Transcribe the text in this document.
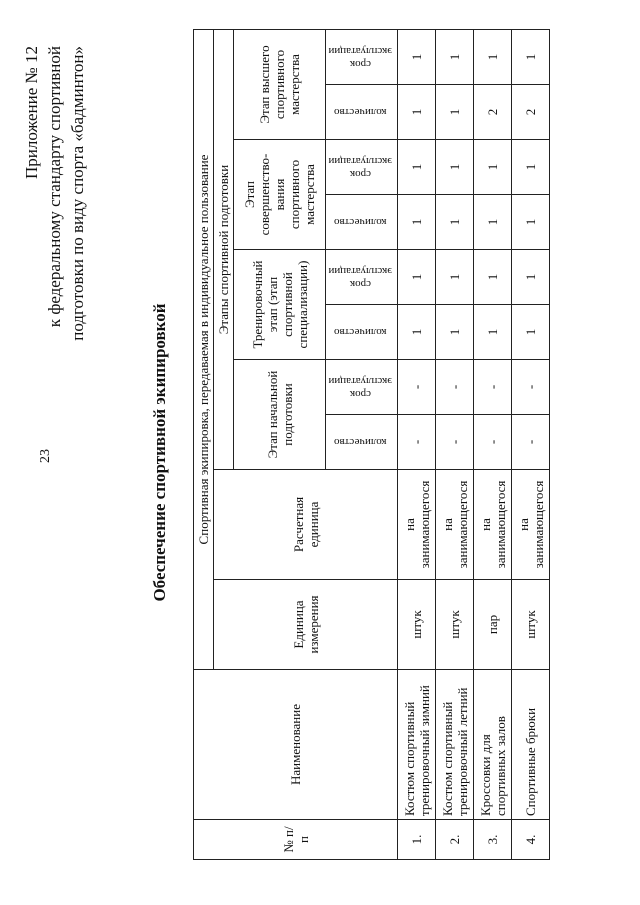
23
Приложение № 12 к федеральному стандарту спортивной подготовки по виду спорта «бадминтон»
Обеспечение спортивной экипировкой
№ п/п	Наименование	Спортивная экипировка, передаваемая в индивидуальное пользование									
		Единица измерения	Расчетная единица	Этапы спортивной подготовки							
				Этап начальной подготовки		Тренировочный этап (этап спортивной специализации)		Этап совершенство-вания спортивного мастерства		Этап высшего спортивного мастерства	
				количество	срок эксплуатации	количество	срок эксплуатации	количество	срок эксплуатации	количество	срок эксплуатации
1.	Костюм спортивный тренировочный зимний	штук	на занимающегося	-	-	1	1	1	1	1	1
2.	Костюм спортивный тренировочный летний	штук	на занимающегося	-	-	1	1	1	1	1	1
3.	Кроссовки для спортивных залов	пар	на занимающегося	-	-	1	1	1	1	2	1
4.	Спортивные брюки	штук	на занимающегося	-	-	1	1	1	1	2	1
